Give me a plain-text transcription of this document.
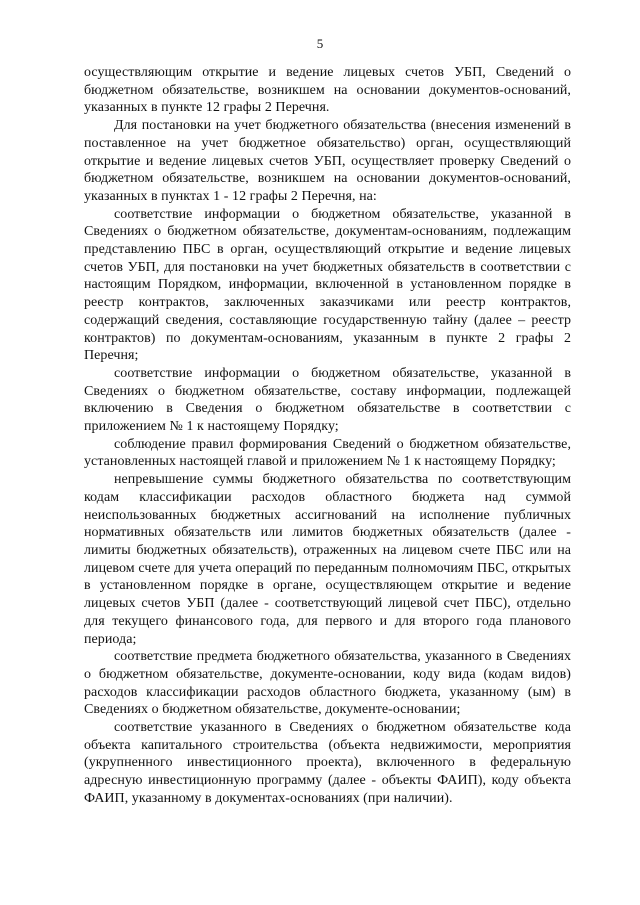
5

осуществляющим открытие и ведение лицевых счетов УБП, Сведений о бюджетном обязательстве, возникшем на основании документов-оснований, указанных в пункте 12 графы 2 Перечня.

Для постановки на учет бюджетного обязательства (внесения изменений в поставленное на учет бюджетное обязательство) орган, осуществляющий открытие и ведение лицевых счетов УБП, осуществляет проверку Сведений о бюджетном обязательстве, возникшем на основании документов-оснований, указанных в пунктах 1 - 12 графы 2 Перечня, на:

соответствие информации о бюджетном обязательстве, указанной в Сведениях о бюджетном обязательстве, документам-основаниям, подлежащим представлению ПБС в орган, осуществляющий открытие и ведение лицевых счетов УБП, для постановки на учет бюджетных обязательств в соответствии с настоящим Порядком, информации, включенной в установленном порядке в реестр контрактов, заключенных заказчиками или реестр контрактов, содержащий сведения, составляющие государственную тайну (далее – реестр контрактов) по документам-основаниям, указанным в пункте 2 графы 2 Перечня;

соответствие информации о бюджетном обязательстве, указанной в Сведениях о бюджетном обязательстве, составу информации, подлежащей включению в Сведения о бюджетном обязательстве в соответствии с приложением № 1 к настоящему Порядку;

соблюдение правил формирования Сведений о бюджетном обязательстве, установленных настоящей главой и приложением № 1 к настоящему Порядку;

непревышение суммы бюджетного обязательства по соответствующим кодам классификации расходов областного бюджета над суммой неиспользованных бюджетных ассигнований на исполнение публичных нормативных обязательств или лимитов бюджетных обязательств (далее - лимиты бюджетных обязательств), отраженных на лицевом счете ПБС или на лицевом счете для учета операций по переданным полномочиям ПБС, открытых в установленном порядке в органе, осуществляющем открытие и ведение лицевых счетов УБП (далее - соответствующий лицевой счет ПБС), отдельно для текущего финансового года, для первого и для второго года планового периода;

соответствие предмета бюджетного обязательства, указанного в Сведениях о бюджетном обязательстве, документе-основании, коду вида (кодам видов) расходов классификации расходов областного бюджета, указанному (ым) в Сведениях о бюджетном обязательстве, документе-основании;

соответствие указанного в Сведениях о бюджетном обязательстве кода объекта капитального строительства (объекта недвижимости, мероприятия (укрупненного инвестиционного проекта), включенного в федеральную адресную инвестиционную программу (далее - объекты ФАИП), коду объекта ФАИП, указанному в документах-основаниях (при наличии).
